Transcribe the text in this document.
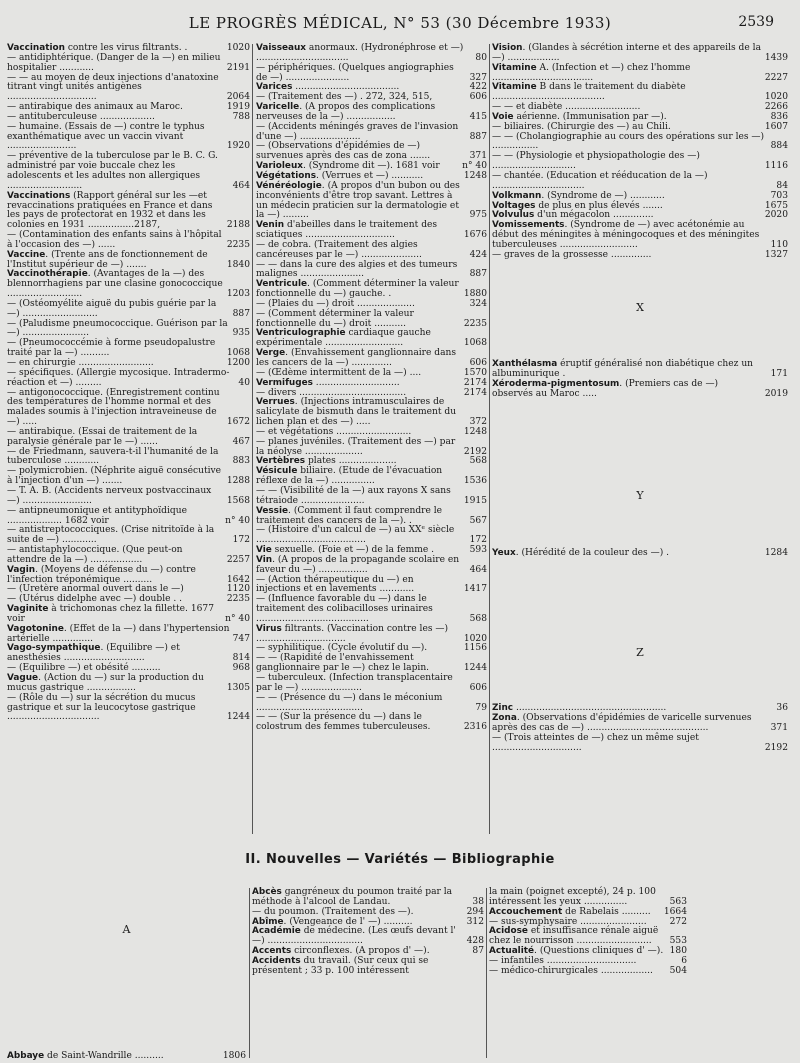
LE PROGRÈS MÉDICAL, N° 53 (30 Décembre 1933)	2539
Vaccination contre les virus filtrants. .	1020
— antidiphtérique. (Danger de la —) en milieu hospitalier ............	2191
— — au moyen de deux injections d'anatoxine titrant vingt unités antigènes ...............................	2064
— antirabique des animaux au Maroc.	1919
— antituberculeuse ...................	788
— humaine. (Essais de —) contre le typhus exanthématique avec un vaccin vivant ........................	1920
— préventive de la tuberculose par le B. C. G. administré par voie buccale chez les adolescents et les adultes non allergiques ..........................	464
Vaccinations (Rapport général sur les —et revaccinations pratiquées en France et dans les pays de protectorat en 1932 et dans les colonies en 1931 ................2187,	2188
— (Contamination des enfants sains à l'hôpital à l'occasion des —) ......	2235
Vaccine. (Trente ans de fonctionnement de l'Institut supérieur de —) .......	1840
Vaccinothérapie. (Avantages de la —) des blennorrhagiens par une clasine gonococcique ..........................	1203
— (Ostéomyélite aiguë du pubis guérie par la —) ..........................	887
— (Paludisme pneumococcique. Guérison par la —) .......................	935
— (Pneumococcémie à forme pseudopalustre traité par la —) ..........	1068
— en chirurgie ..........................	1200
— spécifiques. (Allergie mycosique. Intradermo-réaction et —) .........	40
— antigonococcique. (Enregistrement continu des températures de l'homme normal et des malades soumis à l'injection intraveineuse de —) .....	1672
— antirabique. (Essai de traitement de la paralysie générale par le —) ......	467
— de Friedmann, sauvera-t-il l'humanité de la tuberculose ............	883
— polymicrobien. (Néphrite aiguë consécutive à l'injection d'un —) .......	1288
— T. A. B. (Accidents nerveux postvaccinaux —) ........................	1568
— antipneumonique et antityphoïdique ................... 1682 voir	n° 40
— antistreptococciques. (Crise nitritoïde à la suite de —) ............	172
— antistaphylococcique. (Que peut-on attendre de la —) ..................	2257
Vagin. (Moyens de défense du —) contre l'infection tréponémique ..........	1642
— (Uretère anormal ouvert dans le —)	1120
— (Utérus didelphe avec —) double . .	2235
Vaginite à trichomonas chez la fillette. 1677 voir	n° 40
Vagotonine. (Effet de la —) dans l'hypertension artérielle ..............	747
Vago-sympathique. (Equilibre —) et anesthésies ............................	814
— (Equilibre —) et obésité ..........	968
Vague. (Action du —) sur la production du mucus gastrique .................	1305
— (Rôle du —) sur la sécrétion du mucus gastrique et sur la leucocytose gastrique ................................	1244
Vaisseaux anormaux. (Hydronéphrose et —) ................................	80
— périphériques. (Quelques angiographies de —) ......................	327
Varices ....................................	422
— (Traitement des —) . 272, 324, 515,	606
Varicelle. (A propos des complications nerveuses de la —) .................	415
— (Accidents méningés graves de l'invasion d'une —) .....................	887
— (Observations d'épidémies de —) survenues après des cas de zona .......	371
Varioleux. (Syndrome dit —). 1681 voir	n° 40
Végétations. (Verrues et —) ...........	1248
Vénéréologie. (A propos d'un bubon ou des inconvénients d'être trop savant. Lettres à un médecin praticien sur la dermatologie et la —) .........	975
Venin d'abeilles dans le traitement des sciatiques ...............................	1676
— de cobra. (Traitement des algies cancéreuses par le —) .....................	424
— — dans la cure des algies et des tumeurs malignes ......................	887
Ventricule. (Comment déterminer la valeur fonctionnelle du —) gauche. .	1880
— (Plaies du —) droit ....................	324
— (Comment déterminer la valeur fonctionnelle du —) droit ...........	2235
Ventriculographie cardiaque gauche expérimentale ...........................	1068
Verge. (Envahissement ganglionnaire dans les cancers de la —) ..............	606
— (Œdème intermittent de la —) ....	1570
Vermifuges .............................	2174
— divers .....................................	2174
Verrues. (Injections intramusculaires de salicylate de bismuth dans le traitement du lichen plan et des —) .....	372
— et végétations ..........................	1248
— planes juvéniles. (Traitement des —) par la néolyse ....................	2192
Vertèbres plates ....................	568
Vésicule biliaire. (Etude de l'évacuation réflexe de la —) ...............	1536
— — (Visibilité de la —) aux rayons X sans tétraiode ......................	1915
Vessie. (Comment il faut comprendre le traitement des cancers de la —). .	567
— (Histoire d'un calcul de —) au XXᵉ siècle ......................................	172
Vie sexuelle. (Foie et —) de la femme .	593
Vin. (A propos de la propagande scolaire en faveur du —) .................	464
— (Action thérapeutique du —) en injections et en lavements ............	1417
— (Influence favorable du —) dans le traitement des colibacilloses urinaires .......................................	568
Virus filtrants. (Vaccination contre les —) ...............................	1020
— syphilitique. (Cycle évolutif du —).	1156
— — (Rapidité de l'envahissement ganglionnaire par le —) chez le lapin.	1244
— tuberculeux. (Infection transplacentaire par le —) .....................	606
— — (Présence du —) dans le méconium .....................................	79
— — (Sur la présence du —) dans le colostrum des femmes tuberculeuses.	2316
Vision. (Glandes à sécrétion interne et des appareils de la —) ..................	1439
Vitamine A. (Infection et —) chez l'homme ...................................	2227
Vitamine B dans le traitement du diabète .......................................	1020
— — et diabète ..........................	2266
Voie aérienne. (Immunisation par —).	836
— biliaires. (Chirurgie des —) au Chili.	1607
— — (Cholangiographie au cours des opérations sur les —) ................	884
— — (Physiologie et physiopathologie des —) .............................	1116
— chantée. (Education et rééducation de la —) ................................	84
Volkmann. (Syndrome de —) ............	703
Voltages de plus en plus élevés .......	1675
Volvulus d'un mégacolon ..............	2020
Vomissements. (Syndrome de —) avec acétonémie au début des méningites à méningocoques et des méningites tuberculeuses ...........................	110
— graves de la grossesse ..............	1327
X
Xanthélasma éruptif généralisé non diabétique chez un albuminurique .	171
Xéroderma-pigmentosum. (Premiers cas de —) observés au Maroc .....	2019
Y
Yeux. (Hérédité de la couleur des —) .	1284
Z
Zinc ....................................................	36
Zona. (Observations d'épidémies de varicelle survenues après des cas de —) ..........................................	371
— (Trois atteintes de —) chez un même sujet ...............................	2192
II. Nouvelles — Variétés — Bibliographie
A
Abbaye de Saint-Wandrille ..........	1806
Abcès gangréneux du poumon traité par la méthode à l'alcool de Landau.	38
— du poumon. (Traitement des —).	294
Abîme. (Vengeance de l' —) ..........	312
Académie de médecine. (Les œufs devant l' —) .................................	428
Accents circonflexes. (A propos d' —).	87
Accidents du travail. (Sur ceux qui se présentent ; 33 p. 100 intéressent
la main (poignet excepté), 24 p. 100 intéressent les yeux ...............	563
Accouchement de Rabelais ..........	1664
— sus-symphysaire .......................	272
Acidose et insuffisance rénale aiguë chez le nourrisson ..........................	553
Actualité. (Questions cliniques d' —). 180
— infantiles ...............................	6
— médico-chirurgicales ..................	504
